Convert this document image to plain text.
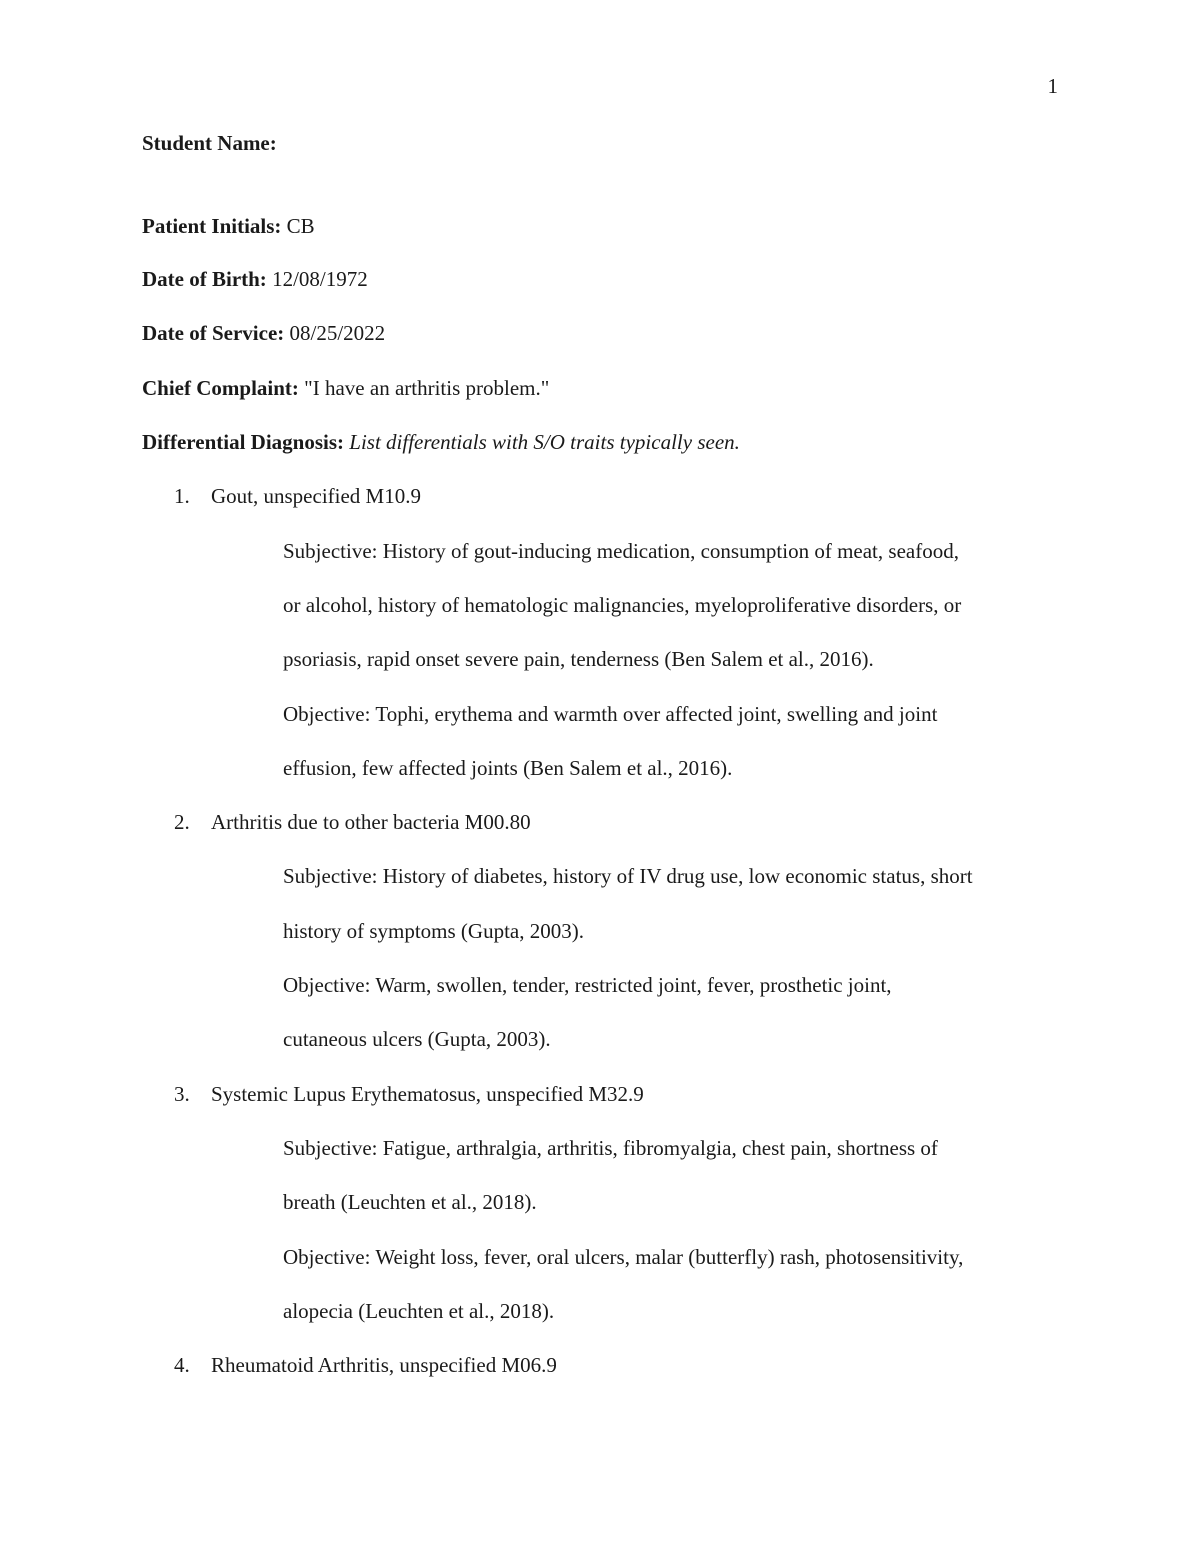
1
Student Name:
Patient Initials: CB
Date of Birth: 12/08/1972
Date of Service: 08/25/2022
Chief Complaint: "I have an arthritis problem."
Differential Diagnosis: List differentials with S/O traits typically seen.
1. Gout, unspecified M10.9
Subjective: History of gout-inducing medication, consumption of meat, seafood,
or alcohol, history of hematologic malignancies, myeloproliferative disorders, or
psoriasis, rapid onset severe pain, tenderness (Ben Salem et al., 2016).
Objective: Tophi, erythema and warmth over affected joint, swelling and joint
effusion, few affected joints (Ben Salem et al., 2016).
2. Arthritis due to other bacteria M00.80
Subjective: History of diabetes, history of IV drug use, low economic status, short
history of symptoms (Gupta, 2003).
Objective: Warm, swollen, tender, restricted joint, fever, prosthetic joint,
cutaneous ulcers (Gupta, 2003).
3. Systemic Lupus Erythematosus, unspecified M32.9
Subjective: Fatigue, arthralgia, arthritis, fibromyalgia, chest pain, shortness of
breath (Leuchten et al., 2018).
Objective: Weight loss, fever, oral ulcers, malar (butterfly) rash, photosensitivity,
alopecia (Leuchten et al., 2018).
4. Rheumatoid Arthritis, unspecified M06.9
